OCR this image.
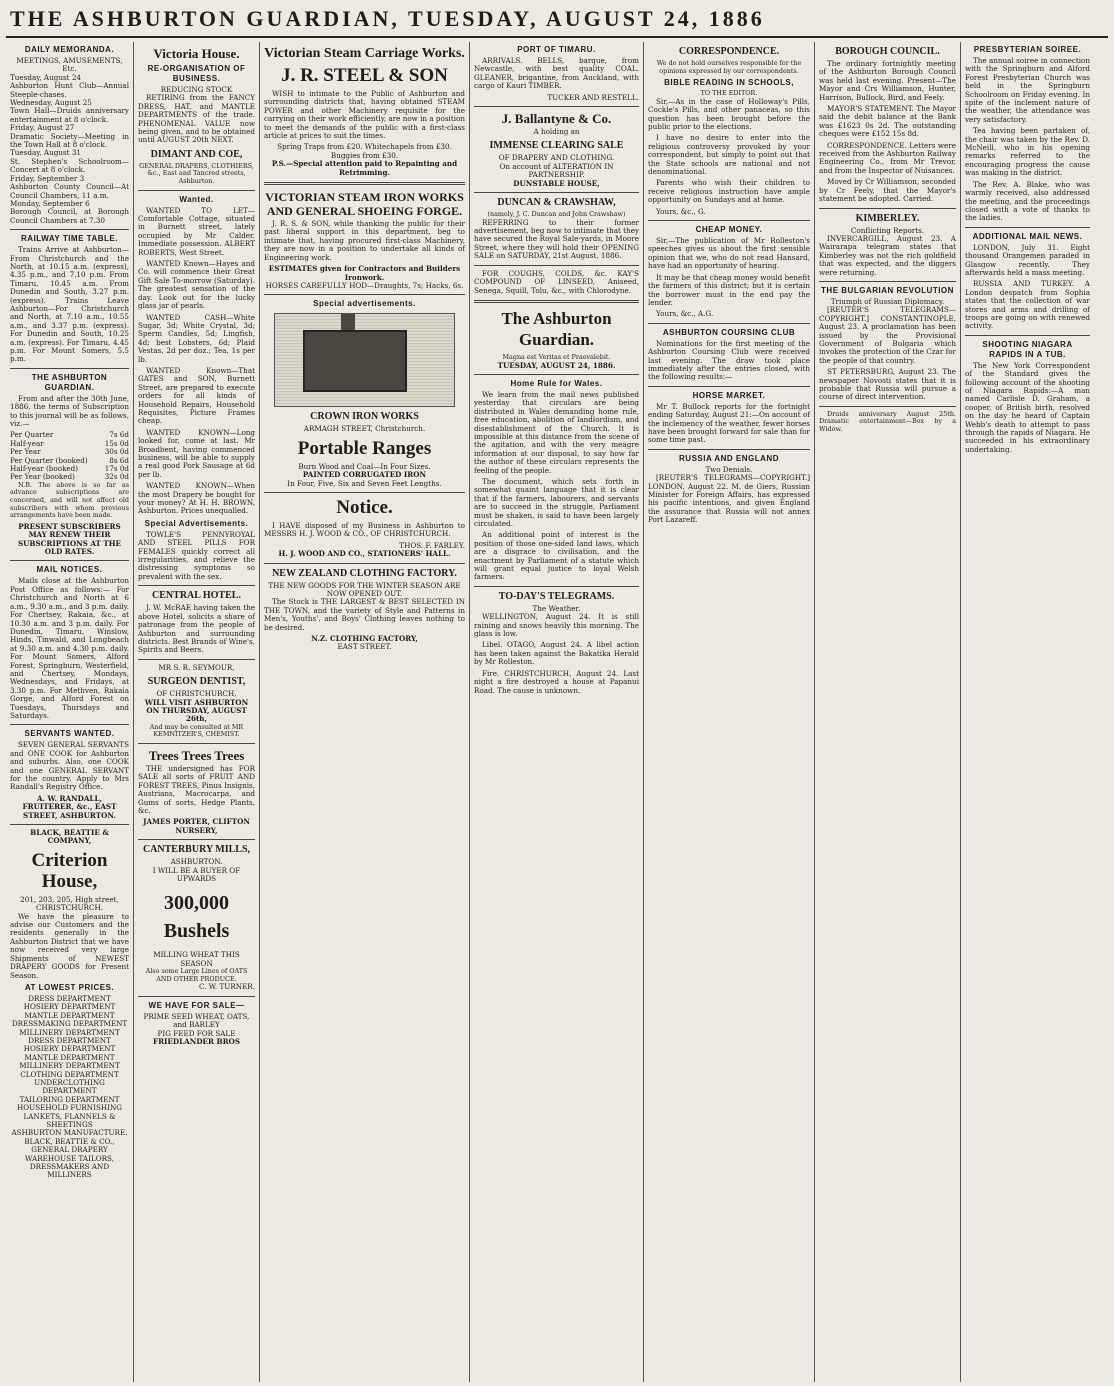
THE ASHBURTON GUARDIAN, TUESDAY, AUGUST 24, 1886
DAILY MEMORANDA.
MEETINGS, AMUSEMENTS, Etc.
Tuesday, August 24
Ashburton Hunt Club—Annual Steeple-chases.
Wednesday, August 25
Town Hall—Druids anniversary entertainment at 8 o'clock.
Friday, August 27
Dramatic Society—Meeting in the Town Hall at 8 o'clock.
Tuesday, August 31
St. Stephen's Schoolroom—Concert at 8 o'clock.
Friday, September 3
Ashburton County Council—At Council Chambers, 11 a.m.
Monday, September 6
Borough Council, at Borough Council Chambers at 7.30
RAILWAY TIME TABLE.

Trains Arrive at Ashburton—From Christchurch and the North, at 10.15 a.m. (express), 4.35 p.m., and 7.10 p.m. From Timaru, 10.45 a.m. From Dunedin and South, 3.27 p.m. (express). Trains Leave Ashburton—For Christchurch and North, at 7.10 a.m., 10.55 a.m., and 3.37 p.m. (express). For Dunedin and South, 10.25 a.m. (express). For Timaru, 4.45 p.m. For Mount Somers, 5.5 p.m.

THE ASHBURTON GUARDIAN.

From and after the 30th June, 1886, the terms of Subscription to this journal will be as follows, viz.—

Per Quarter	7s 6d
Half-year	15s 0d
Per Year	30s 0d
Per Quarter (booked)	8s 6d
Half-year (booked)	17s 0d
Per Year (booked)	32s 0d

N.B. The above is so far as advance subscriptions are concerned, and will not affect old subscribers with whom previous arrangements have been made.

PRESENT SUBSCRIBERS MAY RENEW THEIR SUBSCRIPTIONS AT THE OLD RATES.
MAIL NOTICES.

Mails close at the Ashburton Post Office as follows:— For Christchurch and North at 6 a.m., 9.30 a.m., and 3 p.m. daily. For Chertsey, Rakaia, &c., at 10.30 a.m. and 3 p.m. daily. For Dunedin, Timaru, Winslow, Hinds, Tinwald, and Longbeach at 9.30 a.m. and 4.30 p.m. daily. For Mount Somers, Alford Forest, Springburn, Westerfield, and Chertsey, Mondays, Wednesdays, and Fridays, at 3.30 p.m. For Methven, Rakaia Gorge, and Alford Forest on Tuesdays, Thursdays and Saturdays.

SERVANTS WANTED.

SEVEN GENERAL SERVANTS and ONE COOK for Ashburton and suburbs. Also, one COOK and one GENERAL SERVANT for the country. Apply to Mrs Randall's Registry Office.

A. W. RANDALL, FRUITERER, &c., EAST STREET, ASHBURTON.
BLACK, BEATTIE & COMPANY,
Criterion House,
201, 203, 205, High street, CHRISTCHURCH.

We have the pleasure to advise our Customers and the residents generally in the Ashburton District that we have now received very large Shipments of NEWEST DRAPERY GOODS for Present Season.

AT LOWEST PRICES.
DRESS DEPARTMENT
HOSIERY DEPARTMENT
MANTLE DEPARTMENT
DRESSMAKING DEPARTMENT
MILLINERY DEPARTMENT
DRESS DEPARTMENT
HOSIERY DEPARTMENT
MANTLE DEPARTMENT
MILLINERY DEPARTMENT
CLOTHING DEPARTMENT
UNDERCLOTHING DEPARTMENT
TAILORING DEPARTMENT
HOUSEHOLD FURNISHING
LANKETS, FLANNELS & SHEETINGS
ASHBURTON MANUFACTURE.
BLACK, BEATTIE & CO.,
GENERAL DRAPERY WAREHOUSE TAILORS,
DRESSMAKERS AND MILLINERS
Victoria House.
RE-ORGANISATION OF BUSINESS.
REDUCING STOCK

RETIRING from the FANCY DRESS, HAT, and MANTLE DEPARTMENTS of the trade. PHENOMENAL VALUE now being given, and to be obtained until AUGUST 20th NEXT.

DIMANT AND COE,
GENERAL DRAPERS, CLOTHIERS, &c., East and Tancred streets, Ashburton.
Wanted.

WANTED TO LET—Comfortable Cottage, situated in Burnett street, lately occupied by Mr Calder. Immediate possession. ALBERT ROBERTS, West Street.

WANTED Known—Hayes and Co. will commence their Great Gift Sale To-morrow (Saturday). The greatest sensation of the day. Look out for the lucky glass jar of pearls.

WANTED CASH—White Sugar, 3d; White Crystal, 3d; Sperm Candles, 5d; Lingfish, 4d; best Lobsters, 6d; Plaid Vestas, 2d per doz.; Tea, 1s per lb.

WANTED Known—That GATES and SON, Burnett Street, are prepared to execute orders for all kinds of Household Repairs, Household Requisites, Picture Frames cheap.

WANTED KNOWN—Long looked for, come at last. Mr Broadbent, having commenced business, will be able to supply a real good Pork Sausage at 6d per lb.

WANTED KNOWN—When the most Drapery be bought for your money? At H. H. BROWN, Ashburton. Prices unequalled.

Special Advertisements.

TOWLE'S PENNYROYAL AND STEEL PILLS FOR FEMALES quickly correct all irregularities, and relieve the distressing symptoms so prevalent with the sex.

CENTRAL HOTEL.

J. W. McRAE having taken the above Hotel, solicits a share of patronage from the people of Ashburton and surrounding districts. Best Brands of Wine's, Spirits and Beers.

MR S. R. SEYMOUR,
SURGEON DENTIST,
OF CHRISTCHURCH,
WILL VISIT ASHBURTON ON THURSDAY, AUGUST 26th,
And may be consulted at MR KEMNITZER'S, CHEMIST.
Trees Trees Trees

THE undersigned has FOR SALE all sorts of FRUIT AND FOREST TREES, Pinus Insignis, Austrians, Macrocarpa, and Gums of sorts, Hedge Plants, &c.

JAMES PORTER, CLIFTON NURSERY,
CANTERBURY MILLS,
ASHBURTON.
I WILL BE A BUYER OF UPWARDS
300,000 Bushels
MILLING WHEAT THIS SEASON
Also some Large Lines of OATS AND OTHER PRODUCE.
C. W. TURNER.
WE HAVE FOR SALE—
PRIME SEED WHEAT, OATS, and BARLEY
PIG FEED FOR SALE
FRIEDLANDER BROS
Victorian Steam Carriage Works.
J. R. STEEL & SON

WISH to intimate to the Public of Ashburton and surrounding districts that, having obtained STEAM POWER and other Machinery requisite for the carrying on their work efficiently, are now in a position to meet the demands of the public with a first-class article at prices to suit the times.

Spring Traps from £20. Whitechapels from £30. Buggies from £30.
P.S.—Special attention paid to Repainting and Retrimming.
VICTORIAN STEAM IRON WORKS AND GENERAL SHOEING FORGE.

J. R. S. & SON, while thanking the public for their past liberal support in this department, beg to intimate that, having procured first-class Machinery, they are now in a position to undertake all kinds of Engineering work.

ESTIMATES given for Contractors and Builders Ironwork.
HORSES CAREFULLY HOD—Draughts, 7s; Hacks, 6s.
Special advertisements.
CROWN IRON WORKS
ARMAGH STREET, Christchurch.
Portable Ranges
Burn Wood and Coal—In Four Sizes.
PAINTED CORRUGATED IRON
In Four, Five, Six and Seven Feet Lengths.
Notice.

I HAVE disposed of my Business in Ashburton to MESSRS H. J. WOOD & CO., OF CHRISTCHURCH.

THOS. F. FARLEY.
H. J. WOOD AND CO., STATIONERS' HALL.
NEW ZEALAND CLOTHING FACTORY.
THE NEW GOODS FOR THE WINTER SEASON ARE NOW OPENED OUT.

The Stock is THE LARGEST & BEST SELECTED IN THE TOWN, and the variety of Style and Patterns in Men's, Youths', and Boys' Clothing leaves nothing to be desired.

N.Z. CLOTHING FACTORY,
EAST STREET.
PORT OF TIMARU.

ARRIVALS. BELLS, barque, from Newcastle, with best quality COAL. GLEANER, brigantine, from Auckland, with cargo of Kauri TIMBER.

TUCKER AND RESTELL.
J. Ballantyne & Co.
A holding an
IMMENSE CLEARING SALE
OF DRAPERY AND CLOTHING.
On account of ALTERATION IN PARTNERSHIP.
DUNSTABLE HOUSE,
DUNCAN & CRAWSHAW,
(namely, J. C. Duncan and John Crawshaw)

REFERRING to their former advertisement, beg now to intimate that they have secured the Royal Sale-yards, in Moore Street, where they will hold their OPENING SALE on SATURDAY, 21st August, 1886.

FOR COUGHS, COLDS, &c. KAY'S COMPOUND OF LINSEED, Aniseed, Senega, Squill, Tolu, &c., with Chlorodyne.

The Ashburton Guardian.
Magna est Veritas et Praevalebit.
TUESDAY, AUGUST 24, 1886.
Home Rule for Wales.

We learn from the mail news published yesterday that circulars are being distributed in Wales demanding home rule, free education, abolition of landlordism, and disestablishment of the Church. It is impossible at this distance from the scene of the agitation, and with the very meagre information at our disposal, to say how far the author of these circulars represents the feeling of the people.

The document, which sets forth in somewhat quaint language that it is clear that if the farmers, labourers, and servants are to succeed in the struggle, Parliament must be shaken, is said to have been largely circulated.

An additional point of interest is the position of those one-sided land laws, which are a disgrace to civilisation, and the enactment by Parliament of a statute which will grant equal justice to loyal Welsh farmers.

TO-DAY'S TELEGRAMS.
The Weather.

WELLINGTON, August 24. It is still raining and snows heavily this morning. The glass is low.

Libel. OTAGO, August 24. A libel action has been taken against the Bakatika Herald by Mr Rolleston.

Fire. CHRISTCHURCH, August 24. Last night a fire destroyed a house at Papanui Road. The cause is unknown.

CORRESPONDENCE.
We do not hold ourselves responsible for the opinions expressed by our correspondents.
BIBLE READING IN SCHOOLS,
TO THE EDITOR.

Sir,—As in the case of Holloway's Pills, Cockle's Pills, and other panaceas, so this question has been brought before the public prior to the elections.

I have no desire to enter into the religious controversy provoked by your correspondent, but simply to point out that the State schools are national and not denominational.

Parents who wish their children to receive religious instruction have ample opportunity on Sundays and at home.

Yours, &c., G.

CHEAP MONEY.

Sir,—The publication of Mr Rolleston's speeches gives us about the first sensible opinion that we, who do not read Hansard, have had an opportunity of hearing.

It may be that cheap money would benefit the farmers of this district; but it is certain the borrower must in the end pay the lender.

Yours, &c., A.G.

ASHBURTON COURSING CLUB

Nominations for the first meeting of the Ashburton Coursing Club were received last evening. The draw took place immediately after the entries closed, with the following results:—

HORSE MARKET.

Mr T. Bullock reports for the fortnight ending Saturday, August 21:—On account of the inclemency of the weather, fewer horses have been brought forward for sale than for some time past.

RUSSIA AND ENGLAND
Two Denials.

[REUTER'S TELEGRAMS—COPYRIGHT.] LONDON, August 22. M. de Giers, Russian Minister for Foreign Affairs, has expressed his pacific intentions, and given England the assurance that Russia will not annex Port Lazareff.

BOROUGH COUNCIL.

The ordinary fortnightly meeting of the Ashburton Borough Council was held last evening. Present—The Mayor and Crs Williamson, Hunter, Harrison, Bullock, Bird, and Feely.

MAYOR'S STATEMENT. The Mayor said the debit balance at the Bank was £1623 0s 2d. The outstanding cheques were £152 15s 8d.

CORRESPONDENCE. Letters were received from the Ashburton Railway Engineering Co., from Mr Trevor, and from the Inspector of Nuisances.

Moved by Cr Williamson, seconded by Cr Feely, that the Mayor's statement be adopted. Carried.

KIMBERLEY.
Conflicting Reports.

INVERCARGILL, August 23. A Wairarapa telegram states that Kimberley was not the rich goldfield that was expected, and the diggers were returning.

THE BULGARIAN REVOLUTION
Triumph of Russian Diplomacy.

[REUTER'S TELEGRAMS—COPYRIGHT.] CONSTANTINOPLE, August 23. A proclamation has been issued by the Provisional Government of Bulgaria which invokes the protection of the Czar for the people of that country.

ST PETERSBURG, August 23. The newspaper Novosti states that it is probable that Russia will pursue a course of direct intervention.

Druids anniversary August 25th. Dramatic entertainment—Box by a Widow.

PRESBYTERIAN SOIREE.

The annual soiree in connection with the Springburn and Alford Forest Presbyterian Church was held in the Springburn Schoolroom on Friday evening. In spite of the inclement nature of the weather, the attendance was very satisfactory.

Tea having been partaken of, the chair was taken by the Rev. D. McNeill, who in his opening remarks referred to the encouraging progress the cause was making in the district.

The Rev. A. Blake, who was warmly received, also addressed the meeting, and the proceedings closed with a vote of thanks to the ladies.

ADDITIONAL MAIL NEWS.

LONDON, July 31. Eight thousand Orangemen paraded in Glasgow recently. They afterwards held a mass meeting.

RUSSIA AND TURKEY. A London despatch from Sophia states that the collection of war stores and arms and drilling of troops are going on with renewed activity.

SHOOTING NIAGARA RAPIDS IN A TUB.

The New York Correspondent of the Standard gives the following account of the shooting of Niagara Rapids:—A man named Carlisle D. Graham, a cooper, of British birth, resolved on the day he heard of Captain Webb's death to attempt to pass through the rapids of Niagara. He succeeded in his extraordinary undertaking.
